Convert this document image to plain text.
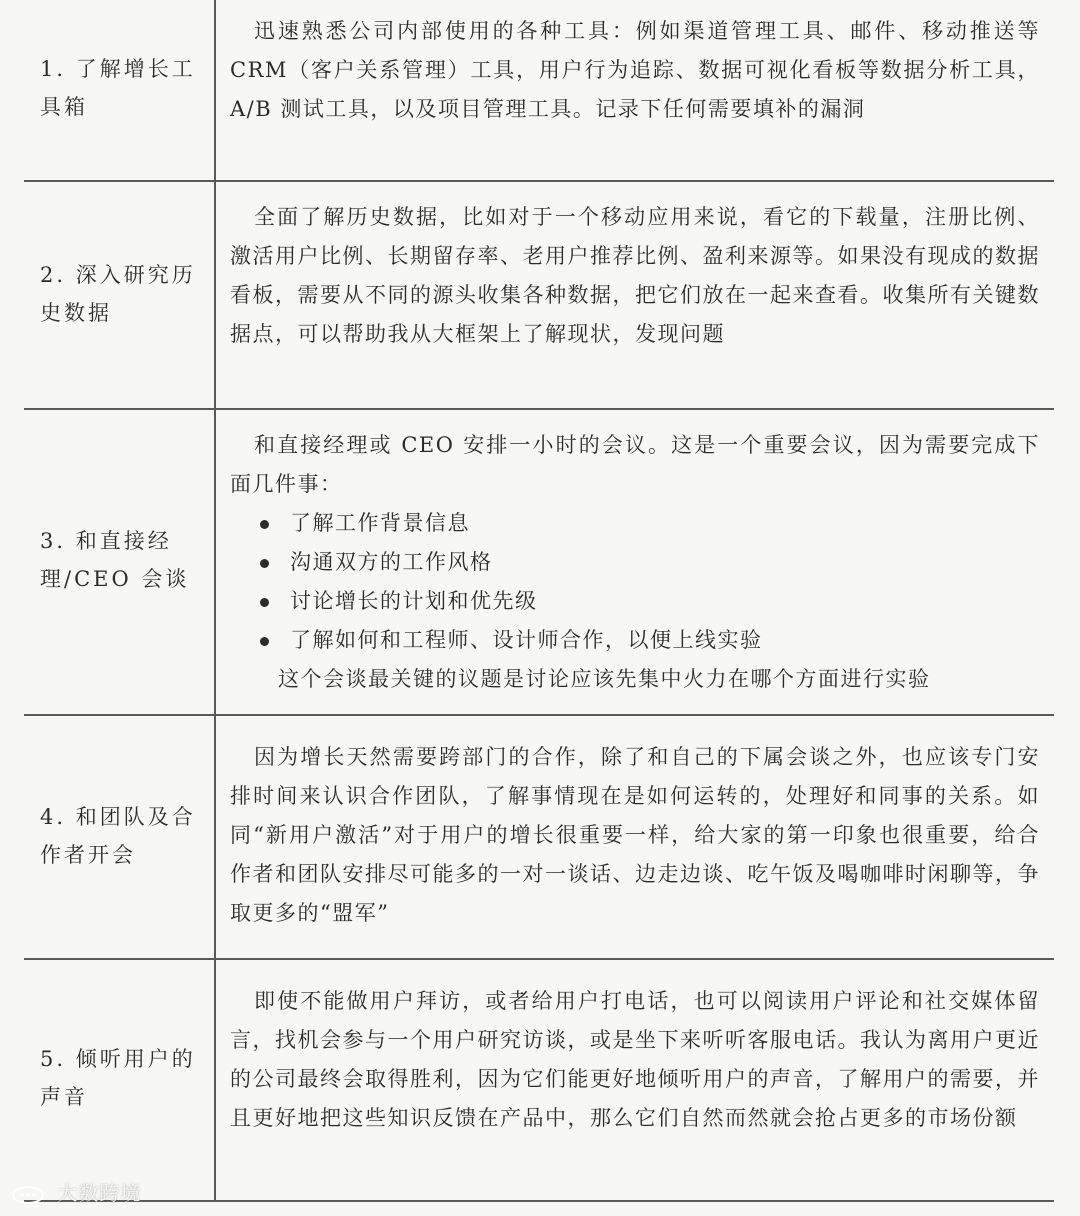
1. 了解增长工具箱

迅速熟悉公司内部使用的各种工具：例如渠道管理工具、邮件、移动推送等 CRM（客户关系管理）工具，用户行为追踪、数据可视化看板等数据分析工具，A/B 测试工具，以及项目管理工具。记录下任何需要填补的漏洞

2. 深入研究历史数据

全面了解历史数据，比如对于一个移动应用来说，看它的下载量，注册比例、激活用户比例、长期留存率、老用户推荐比例、盈利来源等。如果没有现成的数据看板，需要从不同的源头收集各种数据，把它们放在一起来查看。收集所有关键数据点，可以帮助我从大框架上了解现状，发现问题

3. 和直接经理/CEO 会谈

和直接经理或 CEO 安排一小时的会议。这是一个重要会议，因为需要完成下面几件事：

了解工作背景信息
沟通双方的工作风格
讨论增长的计划和优先级
了解如何和工程师、设计师合作，以便上线实验

这个会谈最关键的议题是讨论应该先集中火力在哪个方面进行实验

4. 和团队及合作者开会

因为增长天然需要跨部门的合作，除了和自己的下属会谈之外，也应该专门安排时间来认识合作团队，了解事情现在是如何运转的，处理好和同事的关系。如同“新用户激活”对于用户的增长很重要一样，给大家的第一印象也很重要，给合作者和团队安排尽可能多的一对一谈话、边走边谈、吃午饭及喝咖啡时闲聊等，争取更多的“盟军”

5. 倾听用户的声音

即使不能做用户拜访，或者给用户打电话，也可以阅读用户评论和社交媒体留言，找机会参与一个用户研究访谈，或是坐下来听听客服电话。我认为离用户更近的公司最终会取得胜利，因为它们能更好地倾听用户的声音，了解用户的需要，并且更好地把这些知识反馈在产品中，那么它们自然而然就会抢占更多的市场份额

大数跨境
